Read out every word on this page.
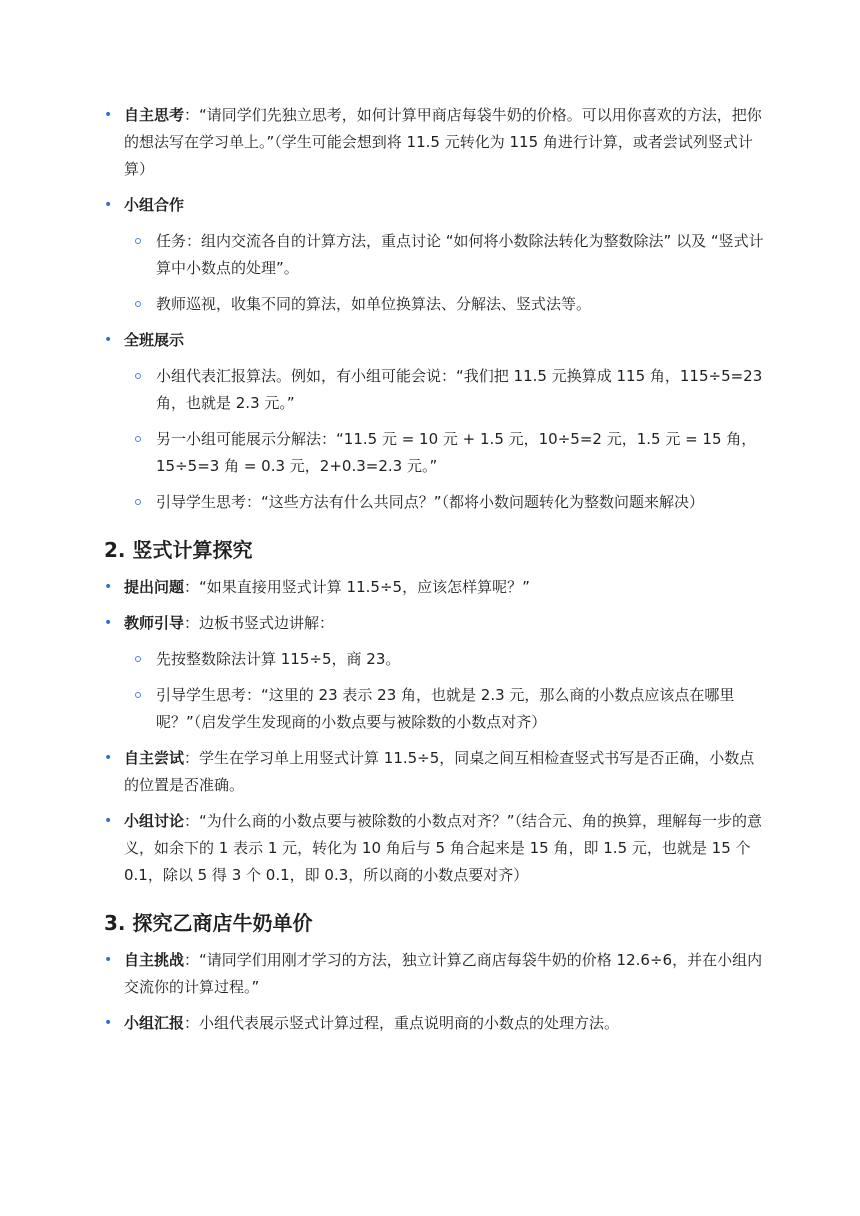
• 自主思考：“请同学们先独立思考，如何计算甲商店每袋牛奶的价格。可以用你喜欢的方法，把你的想法写在学习单上。”（学生可能会想到将 11.5 元转化为 115 角进行计算，或者尝试列竖式计算）
• 小组合作
任务：组内交流各自的计算方法，重点讨论 “如何将小数除法转化为整数除法” 以及 “竖式计算中小数点的处理”。
教师巡视，收集不同的算法，如单位换算法、分解法、竖式法等。
• 全班展示
小组代表汇报算法。例如，有小组可能会说：“我们把 11.5 元换算成 115 角，115÷5=23 角，也就是 2.3 元。”
另一小组可能展示分解法：“11.5 元 = 10 元 + 1.5 元，10÷5=2 元，1.5 元 = 15 角，15÷5=3 角 = 0.3 元，2+0.3=2.3 元。”
引导学生思考：“这些方法有什么共同点？”（都将小数问题转化为整数问题来解决）
2. 竖式计算探究
• 提出问题：“如果直接用竖式计算 11.5÷5，应该怎样算呢？”
• 教师引导：边板书竖式边讲解：
先按整数除法计算 115÷5，商 23。
引导学生思考：“这里的 23 表示 23 角，也就是 2.3 元，那么商的小数点应该点在哪里呢？”（启发学生发现商的小数点要与被除数的小数点对齐）
• 自主尝试：学生在学习单上用竖式计算 11.5÷5，同桌之间互相检查竖式书写是否正确，小数点的位置是否准确。
• 小组讨论：“为什么商的小数点要与被除数的小数点对齐？”（结合元、角的换算，理解每一步的意义，如余下的 1 表示 1 元，转化为 10 角后与 5 角合起来是 15 角，即 1.5 元，也就是 15 个 0.1，除以 5 得 3 个 0.1，即 0.3，所以商的小数点要对齐）
3. 探究乙商店牛奶单价
• 自主挑战：“请同学们用刚才学习的方法，独立计算乙商店每袋牛奶的价格 12.6÷6，并在小组内交流你的计算过程。”
• 小组汇报：小组代表展示竖式计算过程，重点说明商的小数点的处理方法。
